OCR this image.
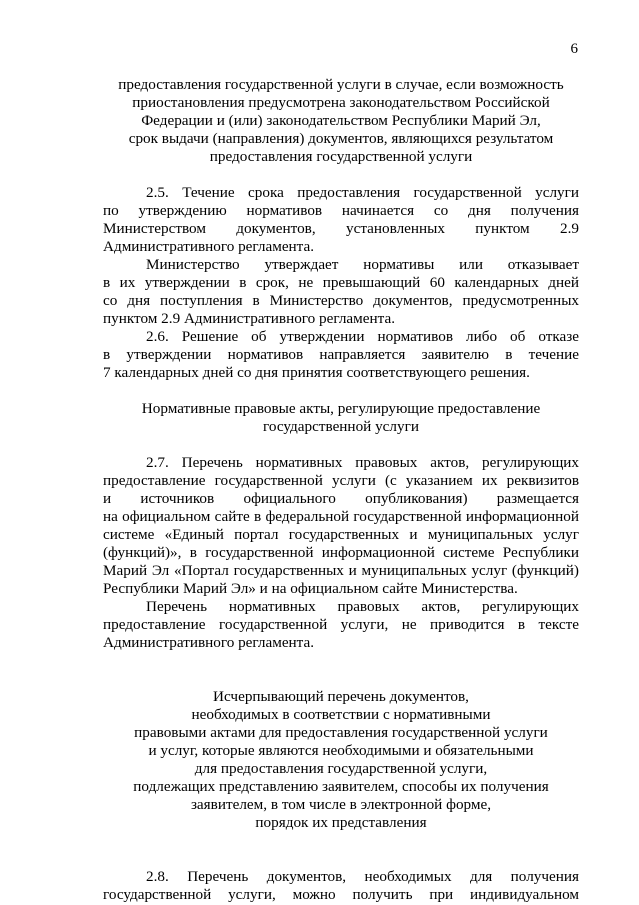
6
предоставления государственной услуги в случае, если возможность
приостановления предусмотрена законодательством Российской
Федерации и (или) законодательством Республики Марий Эл,
срок выдачи (направления) документов, являющихся результатом
предоставления государственной услуги
2.5. Течение срока предоставления государственной услуги
по утверждению нормативов начинается со дня получения
Министерством документов, установленных пунктом 2.9
Административного регламента.
Министерство утверждает нормативы или отказывает
в их утверждении в срок, не превышающий 60 календарных дней
со дня поступления в Министерство документов, предусмотренных
пунктом 2.9 Административного регламента.
2.6. Решение об утверждении нормативов либо об отказе
в утверждении нормативов направляется заявителю в течение
7 календарных дней со дня принятия соответствующего решения.
Нормативные правовые акты, регулирующие предоставление
государственной услуги
2.7. Перечень нормативных правовых актов, регулирующих
предоставление государственной услуги (с указанием их реквизитов
и источников официального опубликования) размещается
на официальном сайте в федеральной государственной информационной
системе «Единый портал государственных и муниципальных услуг
(функций)», в государственной информационной системе Республики
Марий Эл «Портал государственных и муниципальных услуг (функций)
Республики Марий Эл» и на официальном сайте Министерства.
Перечень нормативных правовых актов, регулирующих
предоставление государственной услуги, не приводится в тексте
Административного регламента.
Исчерпывающий перечень документов,
необходимых в соответствии с нормативными
правовыми актами для предоставления государственной услуги
и услуг, которые являются необходимыми и обязательными
для предоставления государственной услуги,
подлежащих представлению заявителем, способы их получения
заявителем, в том числе в электронной форме,
порядок их представления
2.8. Перечень документов, необходимых для получения
государственной услуги, можно получить при индивидуальном
